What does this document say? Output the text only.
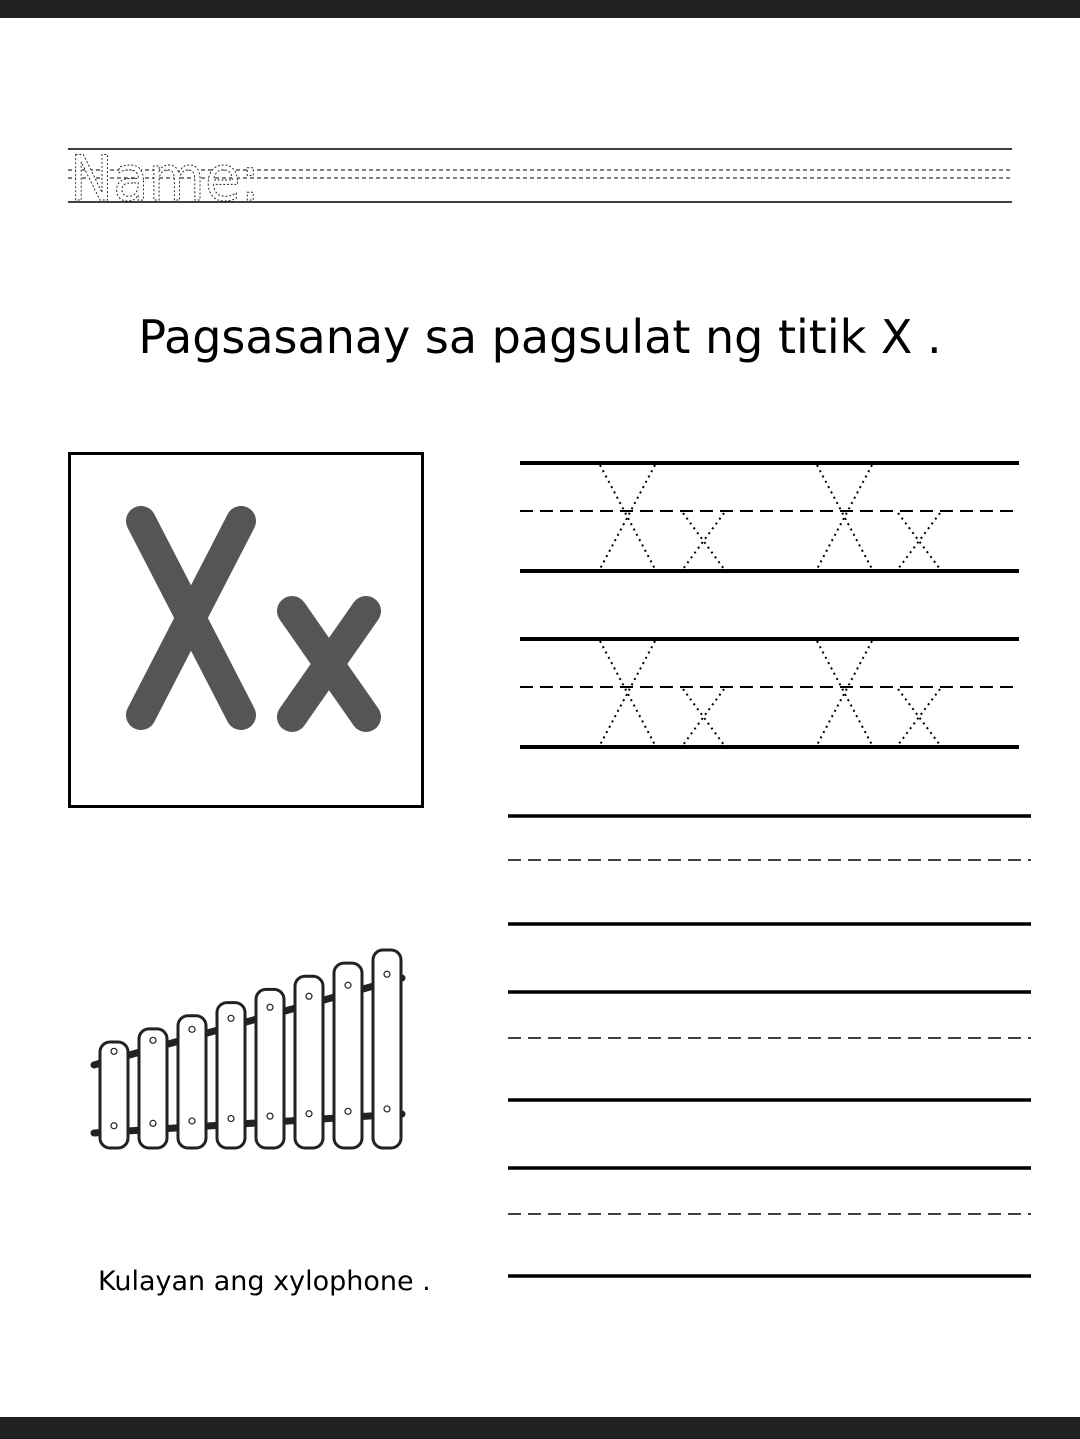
Name:
Pagsasanay sa pagsulat ng titik X .
Kulayan ang xylophone .
